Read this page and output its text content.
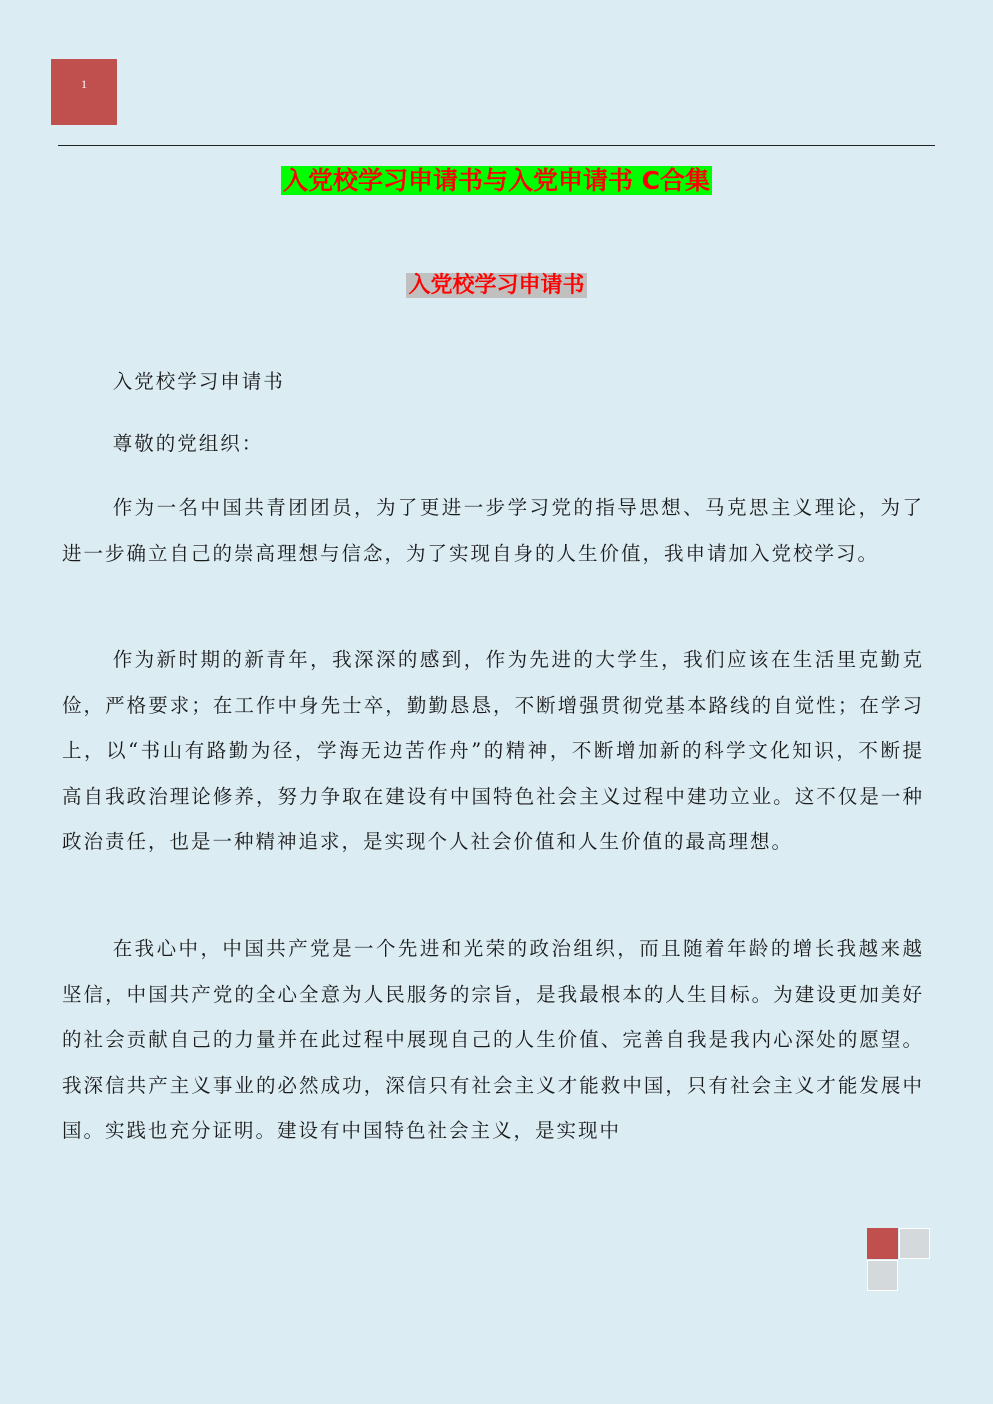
1
入党校学习申请书与入党申请书 C合集
入党校学习申请书

入党校学习申请书

尊敬的党组织：

作为一名中国共青团团员，为了更进一步学习党的指导思想、马克思主义理论，为了进一步确立自己的崇高理想与信念，为了实现自身的人生价值，我申请加入党校学习。

作为新时期的新青年，我深深的感到，作为先进的大学生，我们应该在生活里克勤克俭，严格要求；在工作中身先士卒，勤勤恳恳，不断增强贯彻党基本路线的自觉性；在学习上，以“书山有路勤为径，学海无边苦作舟”的精神，不断增加新的科学文化知识，不断提高自我政治理论修养，努力争取在建设有中国特色社会主义过程中建功立业。这不仅是一种政治责任，也是一种精神追求，是实现个人社会价值和人生价值的最高理想。

在我心中，中国共产党是一个先进和光荣的政治组织，而且随着年龄的增长我越来越坚信，中国共产党的全心全意为人民服务的宗旨，是我最根本的人生目标。为建设更加美好的社会贡献自己的力量并在此过程中展现自己的人生价值、完善自我是我内心深处的愿望。我深信共产主义事业的必然成功，深信只有社会主义才能救中国，只有社会主义才能发展中国。实践也充分证明。建设有中国特色社会主义，是实现中
